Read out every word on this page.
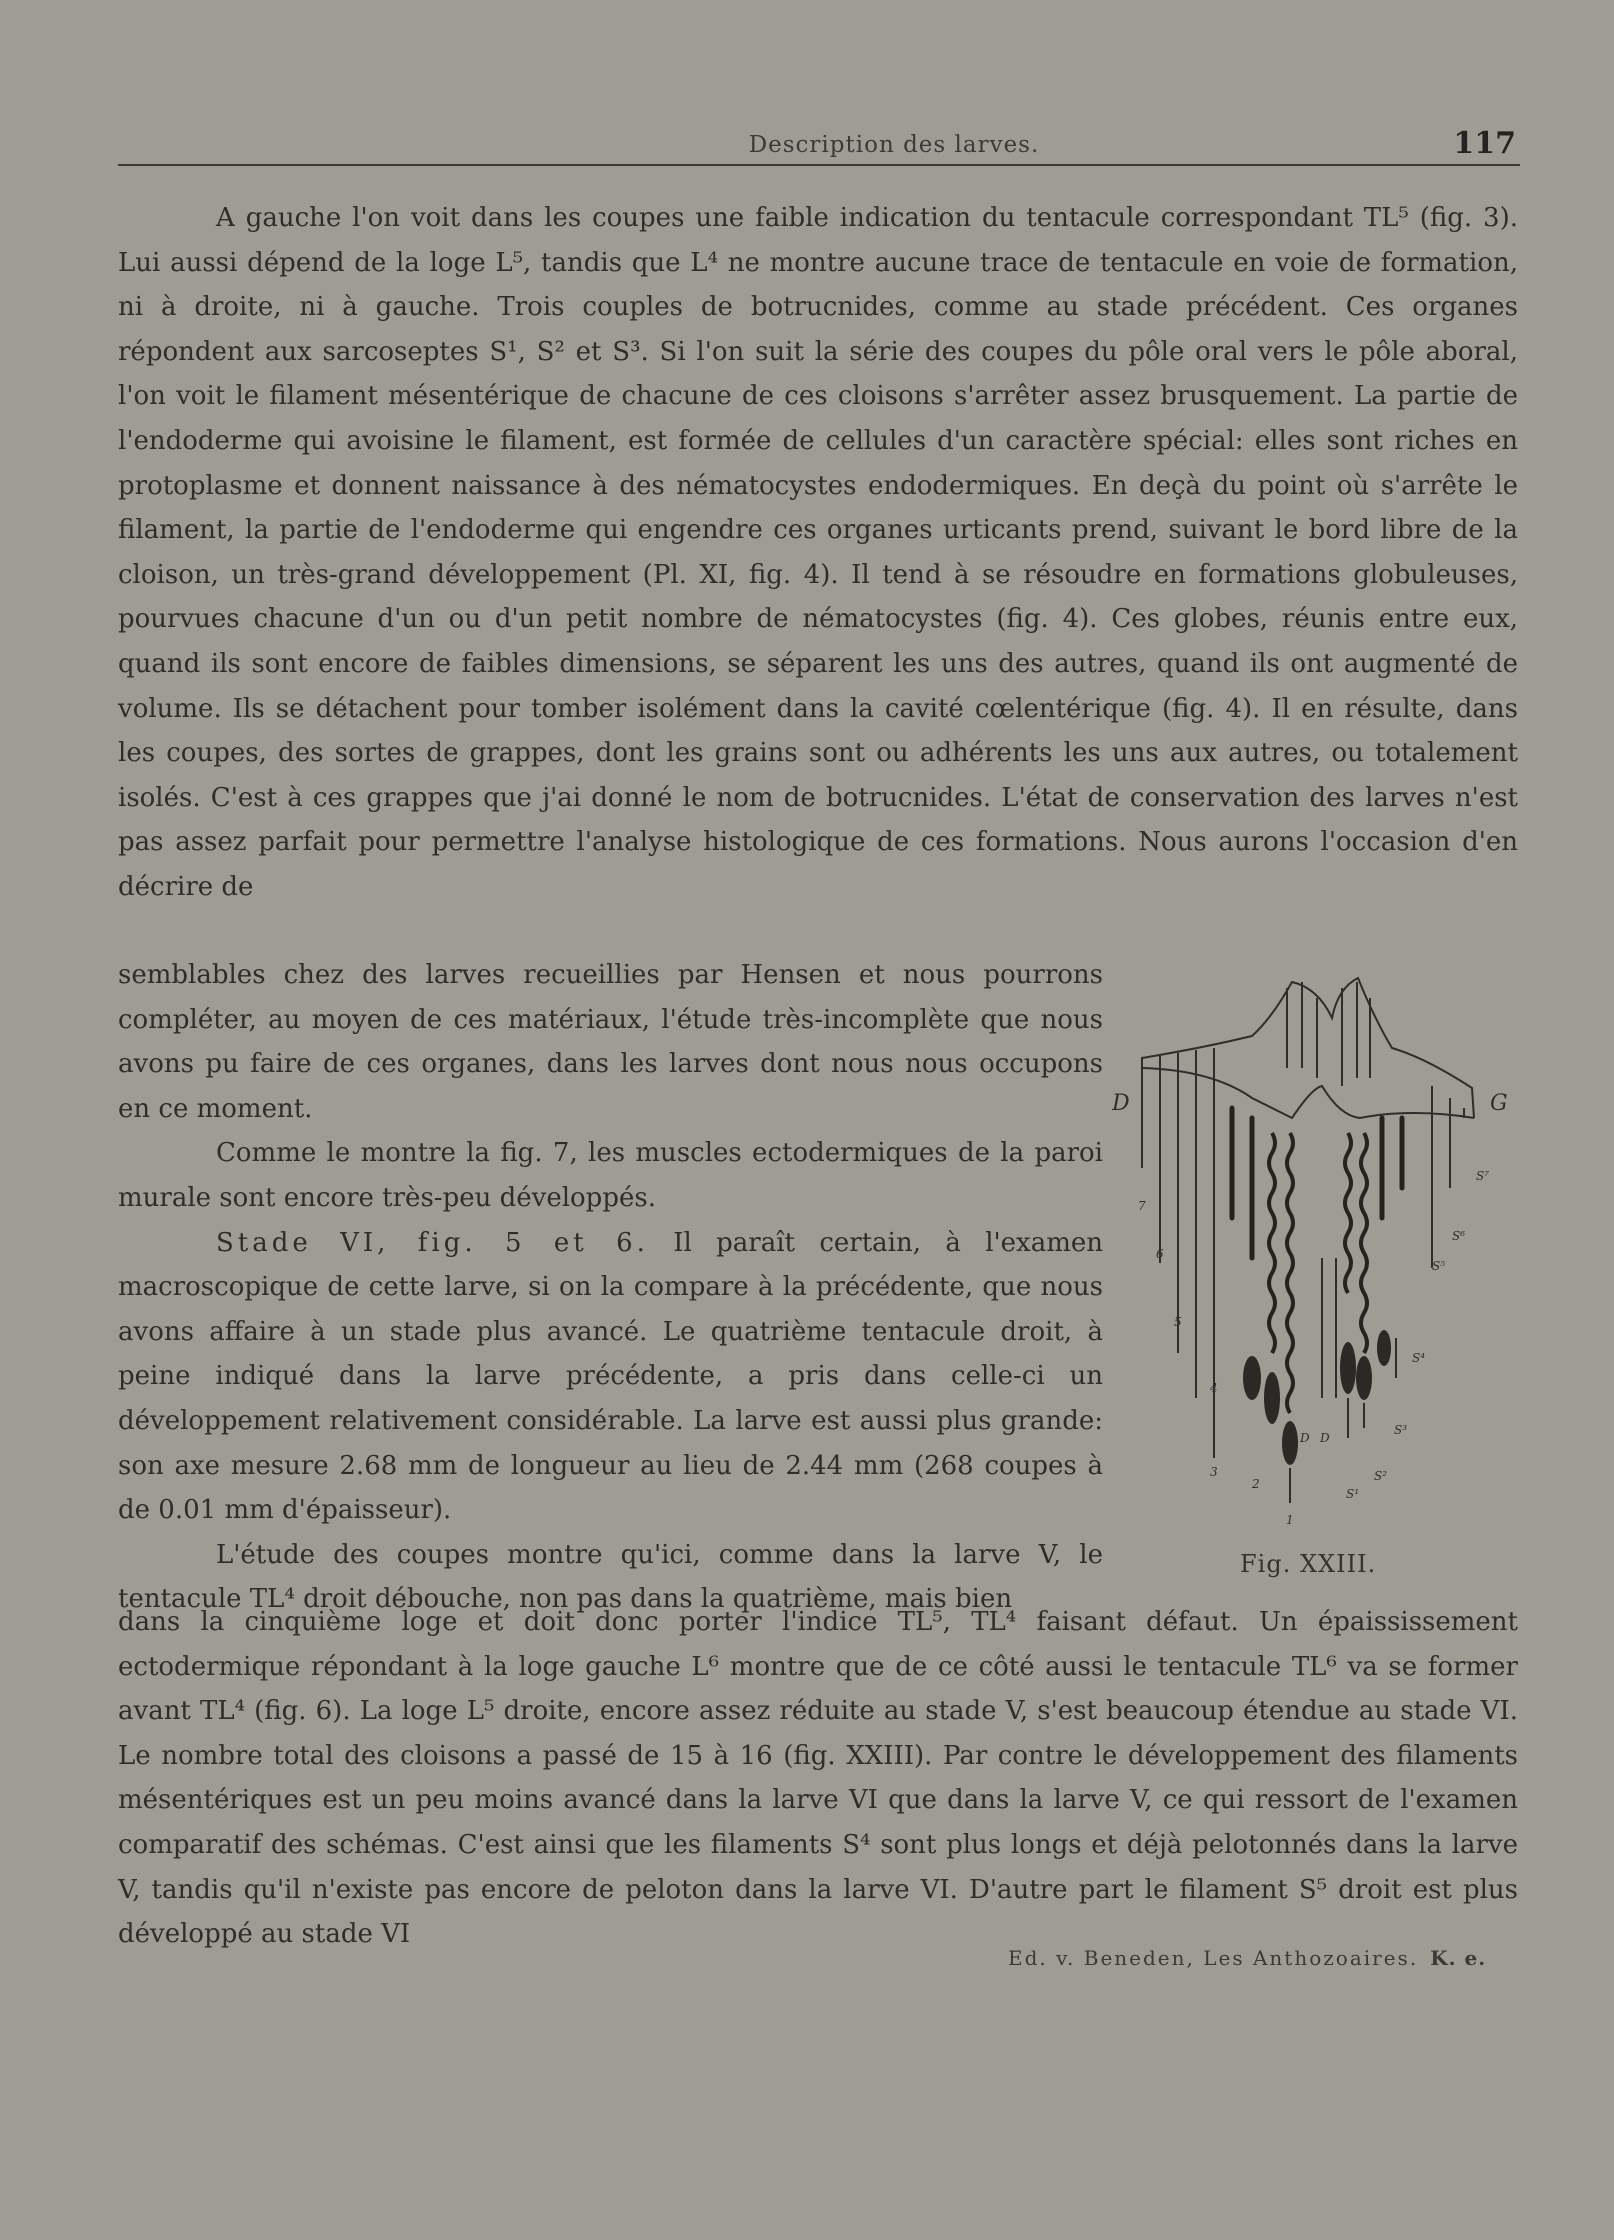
Description des larves.	117

A gauche l'on voit dans les coupes une faible indication du tentacule correspondant TL⁵ (fig. 3). Lui aussi dépend de la loge L⁵, tandis que L⁴ ne montre aucune trace de tentacule en voie de formation, ni à droite, ni à gauche. Trois couples de botrucnides, comme au stade précédent. Ces organes répondent aux sarcoseptes S¹, S² et S³. Si l'on suit la série des coupes du pôle oral vers le pôle aboral, l'on voit le filament mésentérique de chacune de ces cloisons s'arrêter assez brusquement. La partie de l'endoderme qui avoisine le filament, est formée de cellules d'un caractère spécial: elles sont riches en protoplasme et donnent naissance à des nématocystes endodermiques. En deçà du point où s'arrête le filament, la partie de l'endoderme qui engendre ces organes urticants prend, suivant le bord libre de la cloison, un très-grand développement (Pl. XI, fig. 4). Il tend à se résoudre en formations globuleuses, pourvues chacune d'un ou d'un petit nombre de nématocystes (fig. 4). Ces globes, réunis entre eux, quand ils sont encore de faibles dimensions, se séparent les uns des autres, quand ils ont augmenté de volume. Ils se détachent pour tomber isolément dans la cavité cœlentérique (fig. 4). Il en résulte, dans les coupes, des sortes de grappes, dont les grains sont ou adhérents les uns aux autres, ou totalement isolés. C'est à ces grappes que j'ai donné le nom de botrucnides. L'état de conservation des larves n'est pas assez parfait pour permettre l'analyse histologique de ces formations. Nous aurons l'occasion d'en décrire de

semblables chez des larves recueillies par Hensen et nous pourrons compléter, au moyen de ces matériaux, l'étude très-incomplète que nous avons pu faire de ces organes, dans les larves dont nous nous occupons en ce moment.

Comme le montre la fig. 7, les muscles ectodermiques de la paroi murale sont encore très-peu développés.

Stade VI, fig. 5 et 6. Il paraît certain, à l'examen macroscopique de cette larve, si on la compare à la précédente, que nous avons affaire à un stade plus avancé. Le quatrième tentacule droit, à peine indiqué dans la larve précédente, a pris dans celle-ci un développement relativement considérable. La larve est aussi plus grande: son axe mesure 2.68 mm de longueur au lieu de 2.44 mm (268 coupes à de 0.01 mm d'épaisseur).

L'étude des coupes montre qu'ici, comme dans la larve V, le tentacule TL⁴ droit débouche, non pas dans la quatrième, mais bien

dans la cinquième loge et doit donc porter l'indice TL⁵, TL⁴ faisant défaut. Un épaississement ectodermique répondant à la loge gauche L⁶ montre que de ce côté aussi le tentacule TL⁶ va se former avant TL⁴ (fig. 6). La loge L⁵ droite, encore assez réduite au stade V, s'est beaucoup étendue au stade VI. Le nombre total des cloisons a passé de 15 à 16 (fig. XXIII). Par contre le développement des filaments mésentériques est un peu moins avancé dans la larve VI que dans la larve V, ce qui ressort de l'examen comparatif des schémas. C'est ainsi que les filaments S⁴ sont plus longs et déjà pelotonnés dans la larve V, tandis qu'il n'existe pas encore de peloton dans la larve VI. D'autre part le filament S⁵ droit est plus développé au stade VI

D	G
7
6
5
4
3
2
1
S⁷
S⁶
S⁵
S⁴
S³
S²
S¹
D D
Fig. XXIII.
Ed. v. Beneden, Les Anthozoaires. K. e.
